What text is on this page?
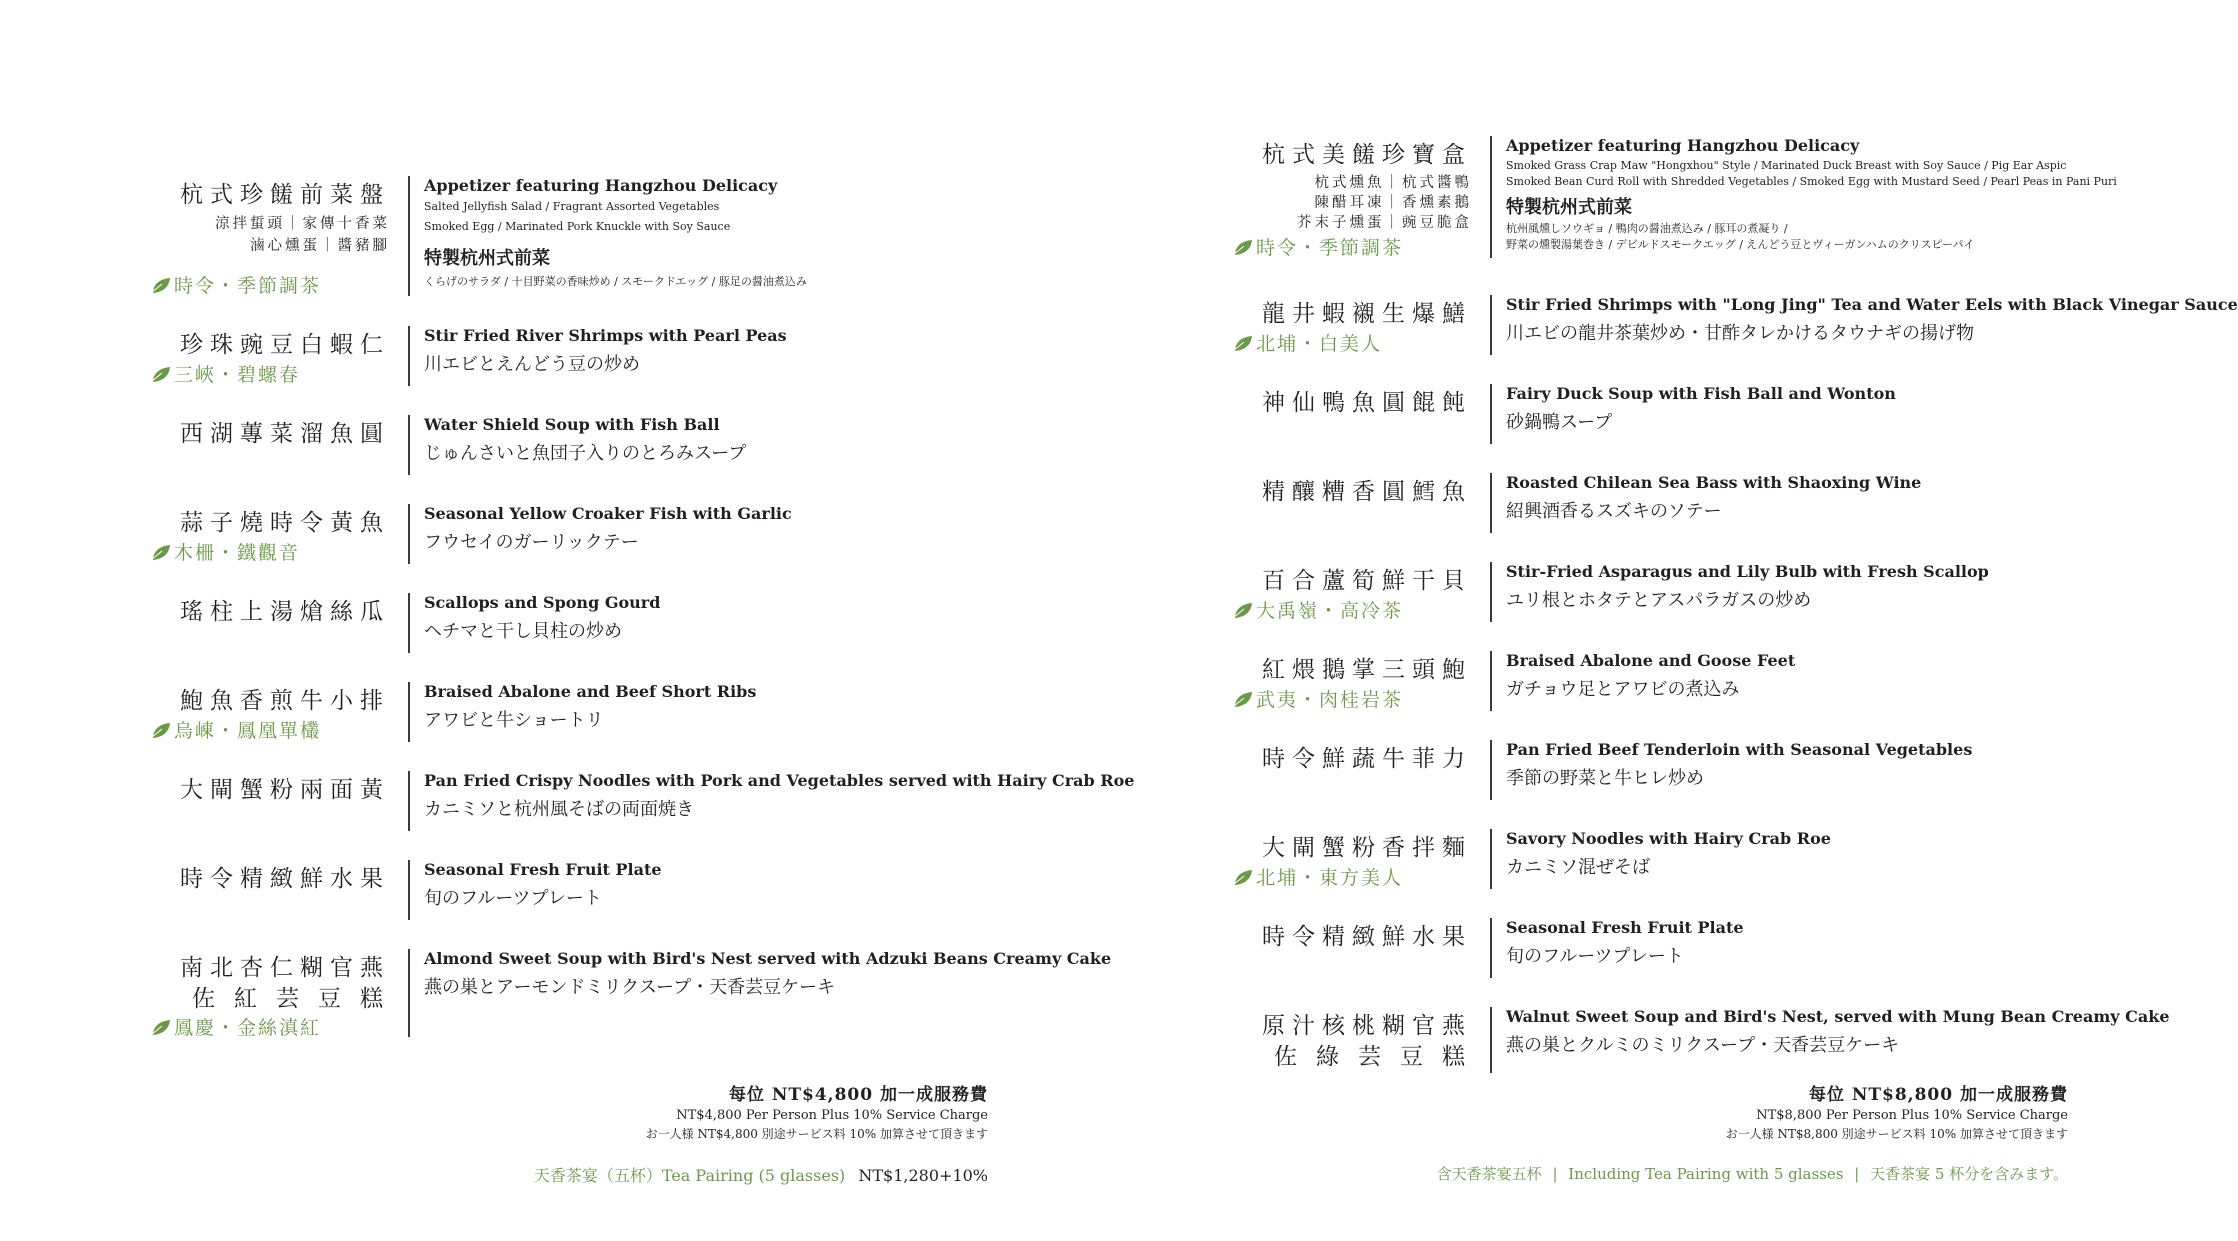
杭式珍饈前菜盤
涼拌蜇頭｜家傳十香菜
滷心燻蛋｜醬豬腳
時令・季節調茶
Appetizer featuring Hangzhou Delicacy
Salted Jellyfish Salad / Fragrant Assorted Vegetables
Smoked Egg / Marinated Pork Knuckle with Soy Sauce
特製杭州式前菜
くらげのサラダ / 十目野菜の香味炒め / スモークドエッグ / 豚足の醤油煮込み
珍珠豌豆白蝦仁
三峽・碧螺春
Stir Fried River Shrimps with Pearl Peas
川エビとえんどう豆の炒め
西湖蓴菜溜魚圓 Water Shield Soup with Fish Ball
じゅんさいと魚団子入りのとろみスープ
蒜子燒時令黃魚
木柵・鐵觀音
Seasonal Yellow Croaker Fish with Garlic
フウセイのガーリックテー
瑤柱上湯熗絲瓜 Scallops and Spong Gourd
ヘチマと干し貝柱の炒め
鮑魚香煎牛小排
烏崠・鳳凰單欉
Braised Abalone and Beef Short Ribs
アワビと牛ショートリ
大閘蟹粉兩面黃 Pan Fried Crispy Noodles with Pork and Vegetables served with Hairy Crab Roe
カニミソと杭州風そばの両面焼き
時令精緻鮮水果 Seasonal Fresh Fruit Plate
旬のフルーツプレート
南北杏仁糊官燕
佐紅芸豆糕
鳳慶・金絲滇紅
Almond Sweet Soup with Bird's Nest served with Adzuki Beans Creamy Cake
燕の巣とアーモンドミリクスープ・天香芸豆ケーキ
每位 NT$4,800 加一成服務費
NT$4,800 Per Person Plus 10% Service Charge
お一人様 NT$4,800 別途サービス料 10% 加算させて頂きます
天香茶宴（五杯）Tea Pairing (5 glasses) NT$1,280+10%
杭式美饈珍寶盒
杭式燻魚｜杭式醬鴨
陳醋耳凍｜香燻素鵝
芥末子燻蛋｜豌豆脆盒
時令・季節調茶
Appetizer featuring Hangzhou Delicacy
Smoked Grass Crap Maw "Hongxhou" Style / Marinated Duck Breast with Soy Sauce / Pig Ear Aspic
Smoked Bean Curd Roll with Shredded Vegetables / Smoked Egg with Mustard Seed / Pearl Peas in Pani Puri
特製杭州式前菜
杭州風燻しソウギョ / 鴨肉の醤油煮込み / 豚耳の煮凝り /
野菜の燻製湯葉巻き / デビルドスモークエッグ / えんどう豆とヴィーガンハムのクリスピーパイ
龍井蝦襯生爆鱔
北埔・白美人
Stir Fried Shrimps with "Long Jing" Tea and Water Eels with Black Vinegar Sauce
川エビの龍井茶葉炒め・甘酢タレかけるタウナギの揚げ物
神仙鴨魚圓餛飩 Fairy Duck Soup with Fish Ball and Wonton
砂鍋鴨スープ
精釀糟香圓鱈魚 Roasted Chilean Sea Bass with Shaoxing Wine
紹興酒香るスズキのソテー
百合蘆筍鮮干貝
大禹嶺・高冷茶
Stir-Fried Asparagus and Lily Bulb with Fresh Scallop
ユリ根とホタテとアスパラガスの炒め
紅煨鵝掌三頭鮑
武夷・肉桂岩茶
Braised Abalone and Goose Feet
ガチョウ足とアワビの煮込み
時令鮮蔬牛菲力 Pan Fried Beef Tenderloin with Seasonal Vegetables
季節の野菜と牛ヒレ炒め
大閘蟹粉香拌麵
北埔・東方美人
Savory Noodles with Hairy Crab Roe
カニミソ混ぜそば
時令精緻鮮水果 Seasonal Fresh Fruit Plate
旬のフルーツプレート
原汁核桃糊官燕
佐綠芸豆糕
Walnut Sweet Soup and Bird's Nest, served with Mung Bean Creamy Cake
燕の巣とクルミのミリクスープ・天香芸豆ケーキ
每位 NT$8,800 加一成服務費
NT$8,800 Per Person Plus 10% Service Charge
お一人様 NT$8,800 別途サービス料 10% 加算させて頂きます
含天香茶宴五杯 | Including Tea Pairing with 5 glasses | 天香茶宴 5 杯分を含みます。
